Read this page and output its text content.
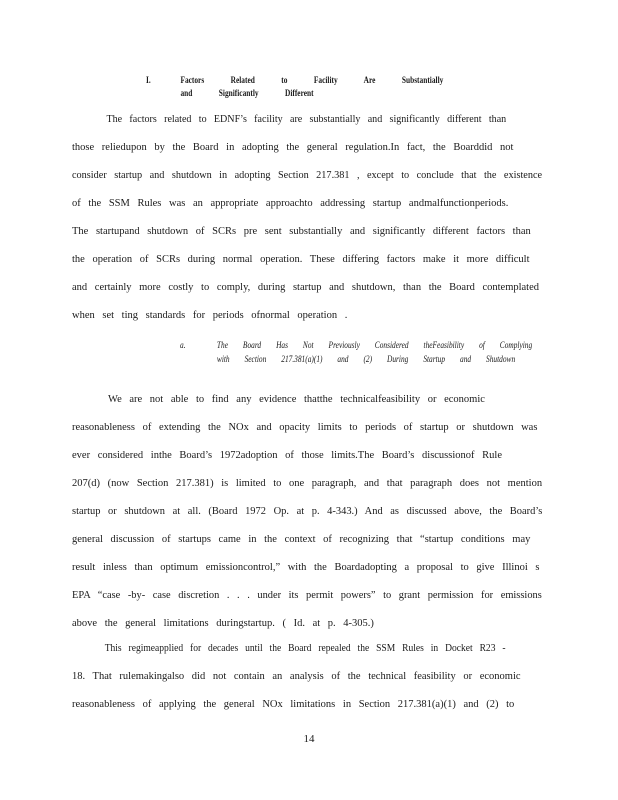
I.	Factors Related to Facility Are Substantially and Significantly Different
The factors related to EDNF’s facility are substantially and significantly different than
those reliedupon by the Board in adopting the general regulation.In fact, the Boarddid not
consider startup and shutdown in adopting Section 217.381 , except to conclude that the existence
of the SSM Rules was an appropriate approachto addressing startup andmalfunctionperiods.
The startupand shutdown of SCRs pre sent substantially and significantly different factors than
the operation of SCRs during normal operation. These differing factors make it more difficult
and certainly more costly to comply, during startup and shutdown, than the Board contemplated
when set ting standards for periods ofnormal operation .
a.	The Board Has Not Previously Considered theFeasibility of Complying with Section 217.381(a)(1) and (2) During Startup and Shutdown
We are not able to find any evidence thatthe technicalfeasibility or economic
reasonableness of extending the NOx and opacity limits to periods of startup or shutdown was
ever considered inthe Board’s 1972adoption of those limits.The Board’s discussionof Rule
207(d) (now Section 217.381) is limited to one paragraph, and that paragraph does not mention
startup or shutdown at all. (Board 1972 Op. at p. 4-343.) And as discussed above, the Board’s
general discussion of startups came in the context of recognizing that “startup conditions may
result inless than optimum emissioncontrol,” with the Boardadopting a proposal to give Illinoi s
EPA “case -by- case discretion . . . under its permit powers” to grant permission for emissions
above the general limitations duringstartup. ( Id. at p. 4-305.)
This regimeapplied for decades until the Board repealed the SSM Rules in Docket R23 -
18. That rulemakingalso did not contain an analysis of the technical feasibility or economic
reasonableness of applying the general NOx limitations in Section 217.381(a)(1) and (2) to
14
